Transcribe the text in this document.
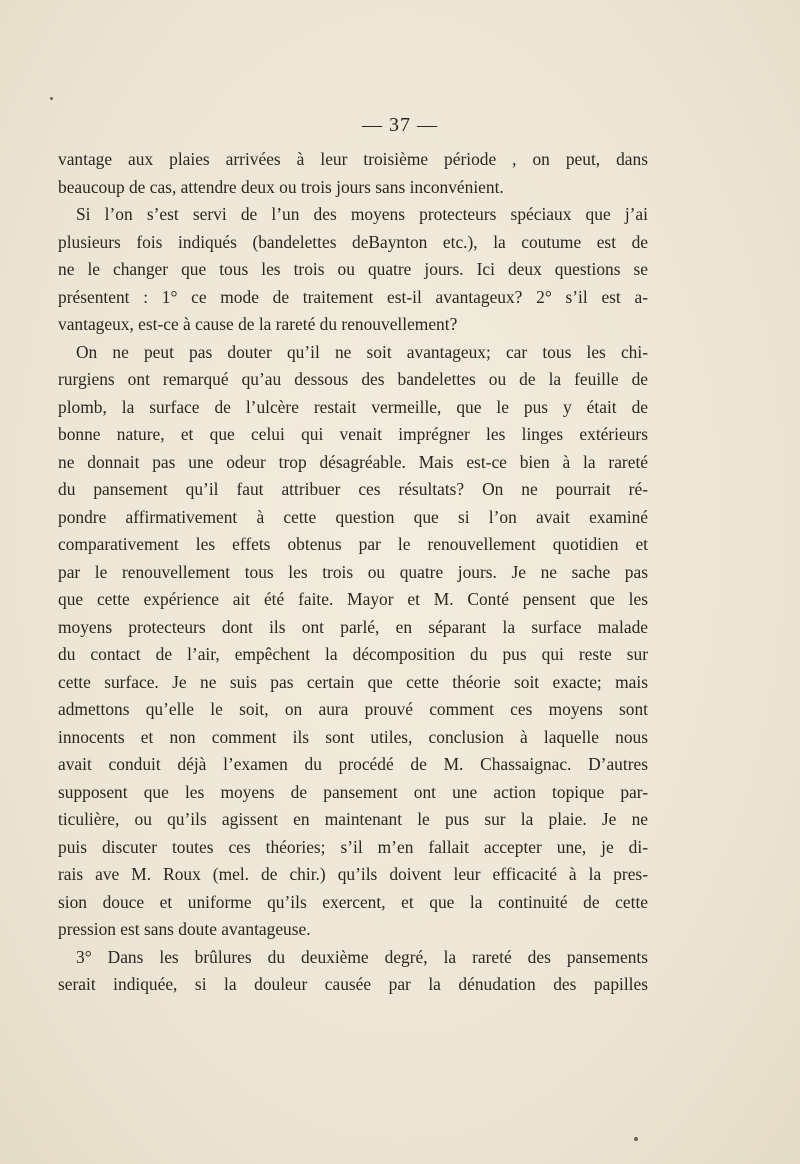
— 37 —
vantage aux plaies arrivées à leur troisième période , on peut, dans
beaucoup de cas, attendre deux ou trois jours sans inconvénient.
Si l’on s’est servi de l’un des moyens protecteurs spéciaux que j’ai
plusieurs fois indiqués (bandelettes deBaynton etc.), la coutume est de
ne le changer que tous les trois ou quatre jours. Ici deux questions se
présentent : 1° ce mode de traitement est-il avantageux? 2° s’il est a-
vantageux, est-ce à cause de la rareté du renouvellement?
On ne peut pas douter qu’il ne soit avantageux; car tous les chi-
rurgiens ont remarqué qu’au dessous des bandelettes ou de la feuille de
plomb, la surface de l’ulcère restait vermeille, que le pus y était de
bonne nature, et que celui qui venait imprégner les linges extérieurs
ne donnait pas une odeur trop désagréable. Mais est-ce bien à la rareté
du pansement qu’il faut attribuer ces résultats? On ne pourrait ré-
pondre affirmativement à cette question que si l’on avait examiné
comparativement les effets obtenus par le renouvellement quotidien et
par le renouvellement tous les trois ou quatre jours. Je ne sache pas
que cette expérience ait été faite. Mayor et M. Conté pensent que les
moyens protecteurs dont ils ont parlé, en séparant la surface malade
du contact de l’air, empêchent la décomposition du pus qui reste sur
cette surface. Je ne suis pas certain que cette théorie soit exacte; mais
admettons qu’elle le soit, on aura prouvé comment ces moyens sont
innocents et non comment ils sont utiles, conclusion à laquelle nous
avait conduit déjà l’examen du procédé de M. Chassaignac. D’autres
supposent que les moyens de pansement ont une action topique par-
ticulière, ou qu’ils agissent en maintenant le pus sur la plaie. Je ne
puis discuter toutes ces théories; s’il m’en fallait accepter une, je di-
rais ave M. Roux (mel. de chir.) qu’ils doivent leur efficacité à la pres-
sion douce et uniforme qu’ils exercent, et que la continuité de cette
pression est sans doute avantageuse.
3° Dans les brûlures du deuxième degré, la rareté des pansements
serait indiquée, si la douleur causée par la dénudation des papilles
